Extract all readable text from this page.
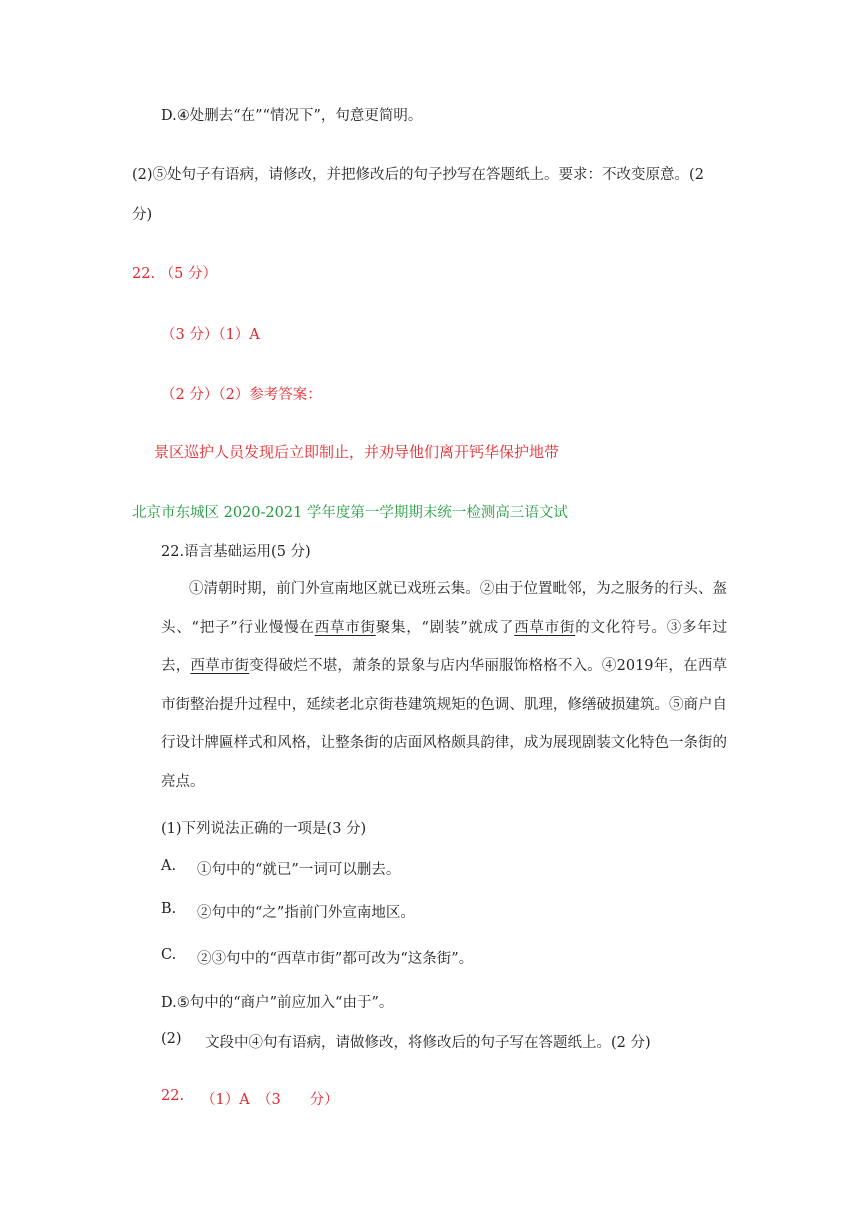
D.④处删去“在”“情况下”，句意更简明。
(2)⑤处句子有语病，请修改，并把修改后的句子抄写在答题纸上。要求：不改变原意。(2
分)
22. （5 分）
（3 分）（1）A
（2 分）（2）参考答案：
景区巡护人员发现后立即制止，并劝导他们离开钙华保护地带
北京市东城区 2020-2021 学年度第一学期期末统一检测高三语文试
22.语言基础运用(5 分)
①清朝时期，前门外宣南地区就已戏班云集。②由于位置毗邻，为之服务的行头、盔头、“把子”行业慢慢在西草市街聚集，“剧装”就成了西草市街的文化符号。③多年过去，西草市街变得破烂不堪，萧条的景象与店内华丽服饰格格不入。④2019年，在西草市街整治提升过程中，延续老北京街巷建筑规矩的色调、肌理，修缮破损建筑。⑤商户自行设计牌匾样式和风格，让整条街的店面风格颇具韵律，成为展现剧装文化特色一条街的亮点。
(1)下列说法正确的一项是(3 分)
A. ①句中的“就已”一词可以删去。
B. ②句中的“之”指前门外宣南地区。
C. ②③句中的“西草市街”都可改为“这条街”。
D.⑤句中的“商户”前应加入“由于”。
(2) 文段中④句有语病，请做修改，将修改后的句子写在答题纸上。(2 分)
22. （1）A　（3　　分）
